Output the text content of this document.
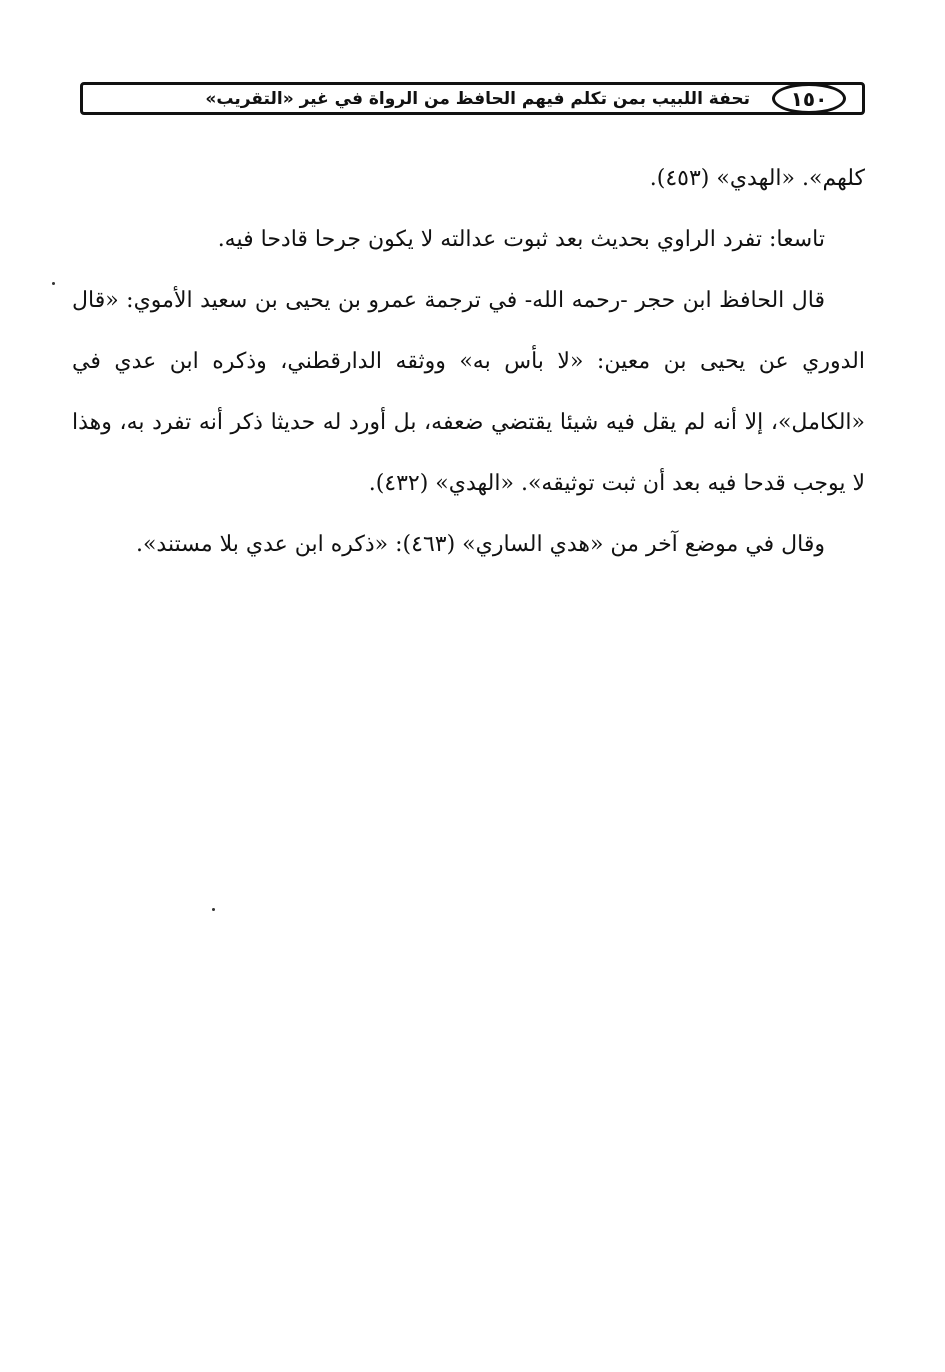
١٥٠
تحفة اللبيب بمن تكلم فيهم الحافظ من الرواة في غير «التقريب»

كلهم». «الهدي» (٤٥٣).

تاسعا: تفرد الراوي بحديث بعد ثبوت عدالته لا يكون جرحا قادحا فيه.

قال الحافظ ابن حجر -رحمه الله- في ترجمة عمرو بن يحيى بن سعيد الأموي: «قال الدوري عن يحيى بن معين: «لا بأس به» ووثقه الدارقطني، وذكره ابن عدي في «الكامل»، إلا أنه لم يقل فيه شيئا يقتضي ضعفه، بل أورد له حديثا ذكر أنه تفرد به، وهذا لا يوجب قدحا فيه بعد أن ثبت توثيقه». «الهدي» (٤٣٢).

وقال في موضع آخر من «هدي الساري» (٤٦٣): «ذكره ابن عدي بلا مستند».
